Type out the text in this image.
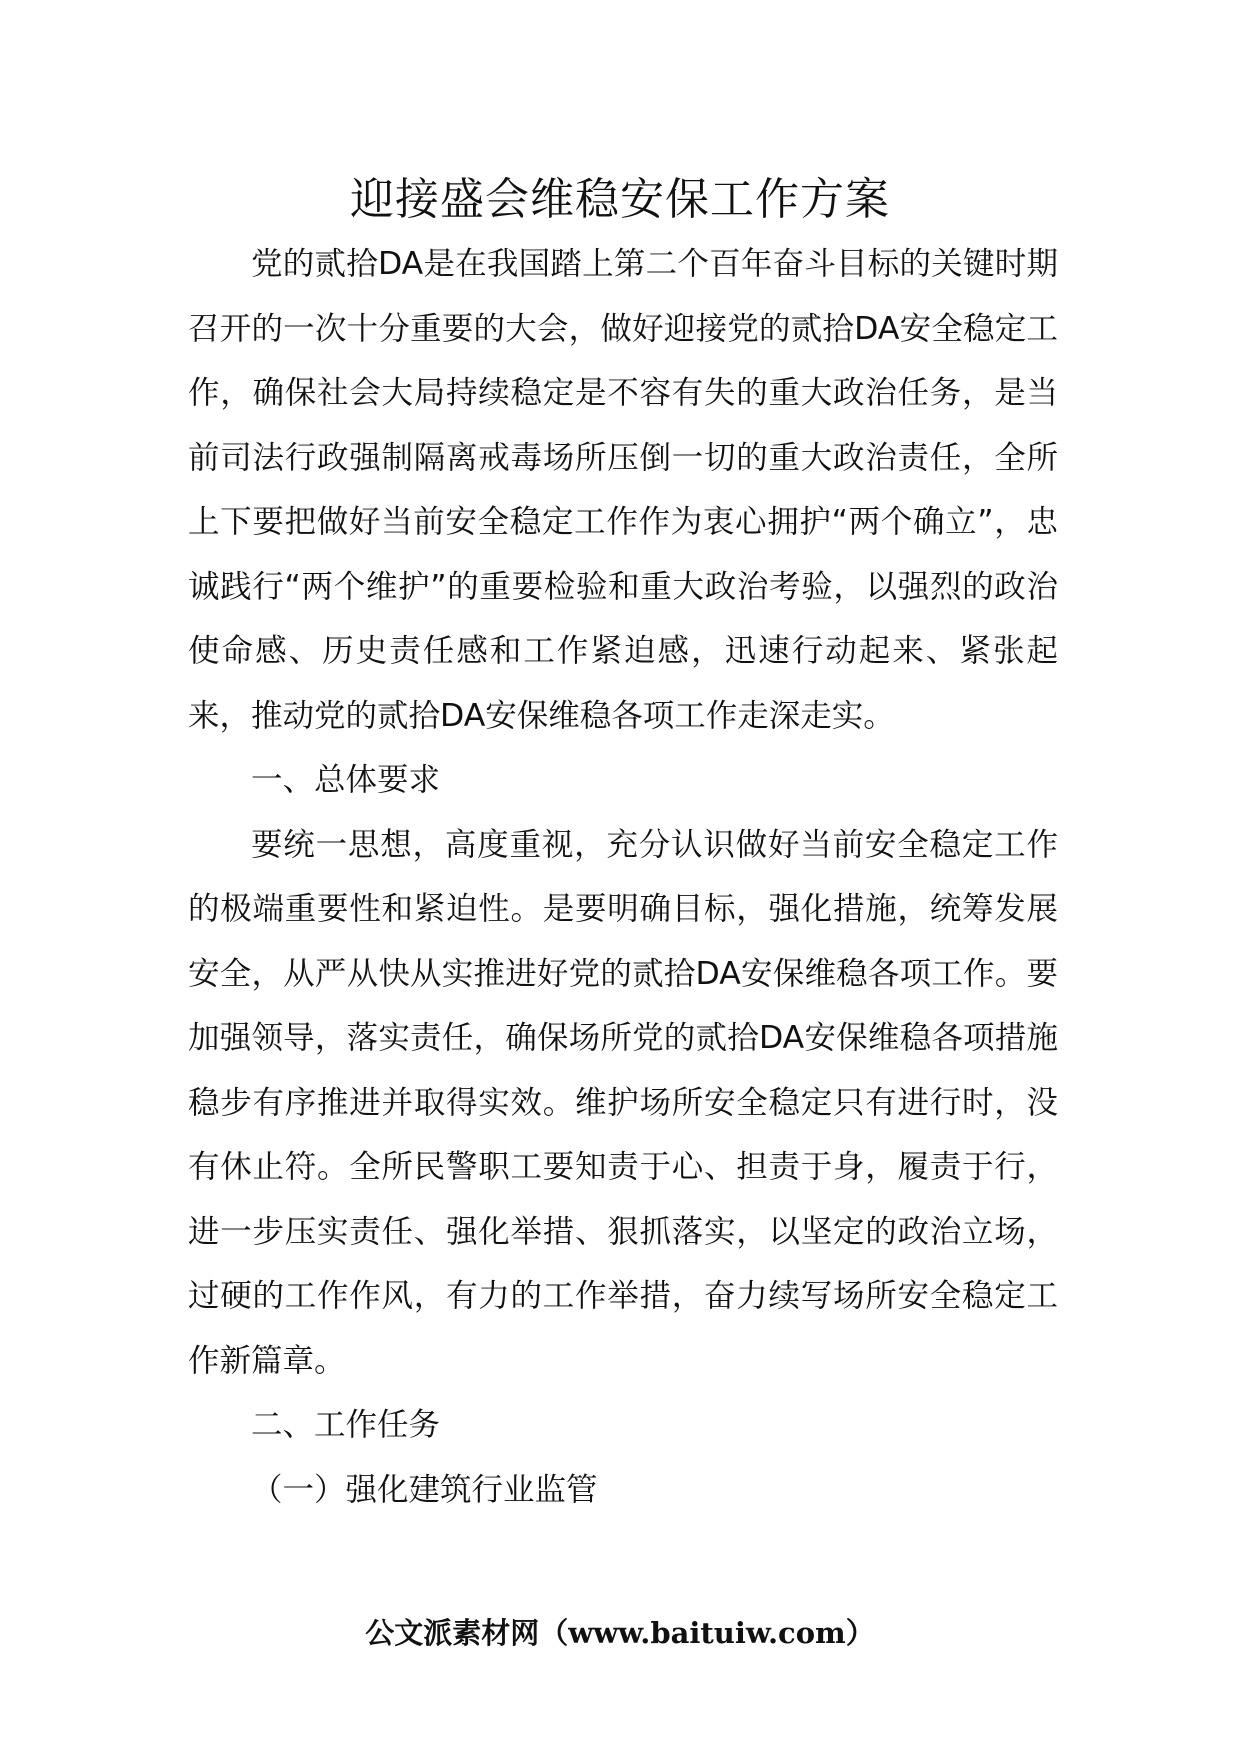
迎接盛会维稳安保工作方案

党的贰拾DA是在我国踏上第二个百年奋斗目标的关键时期召开的一次十分重要的大会，做好迎接党的贰拾DA安全稳定工作，确保社会大局持续稳定是不容有失的重大政治任务，是当前司法行政强制隔离戒毒场所压倒一切的重大政治责任，全所上下要把做好当前安全稳定工作作为衷心拥护“两个确立”，忠诚践行“两个维护”的重要检验和重大政治考验，以强烈的政治使命感、历史责任感和工作紧迫感，迅速行动起来、紧张起来，推动党的贰拾DA安保维稳各项工作走深走实。

一、总体要求

要统一思想，高度重视，充分认识做好当前安全稳定工作的极端重要性和紧迫性。是要明确目标，强化措施，统筹发展安全，从严从快从实推进好党的贰拾DA安保维稳各项工作。要加强领导，落实责任，确保场所党的贰拾DA安保维稳各项措施稳步有序推进并取得实效。维护场所安全稳定只有进行时，没有休止符。全所民警职工要知责于心、担责于身，履责于行，进一步压实责任、强化举措、狠抓落实，以坚定的政治立场，过硬的工作作风，有力的工作举措，奋力续写场所安全稳定工作新篇章。

二、工作任务

（一）强化建筑行业监管

公文派素材网（www.baituiw.com）
